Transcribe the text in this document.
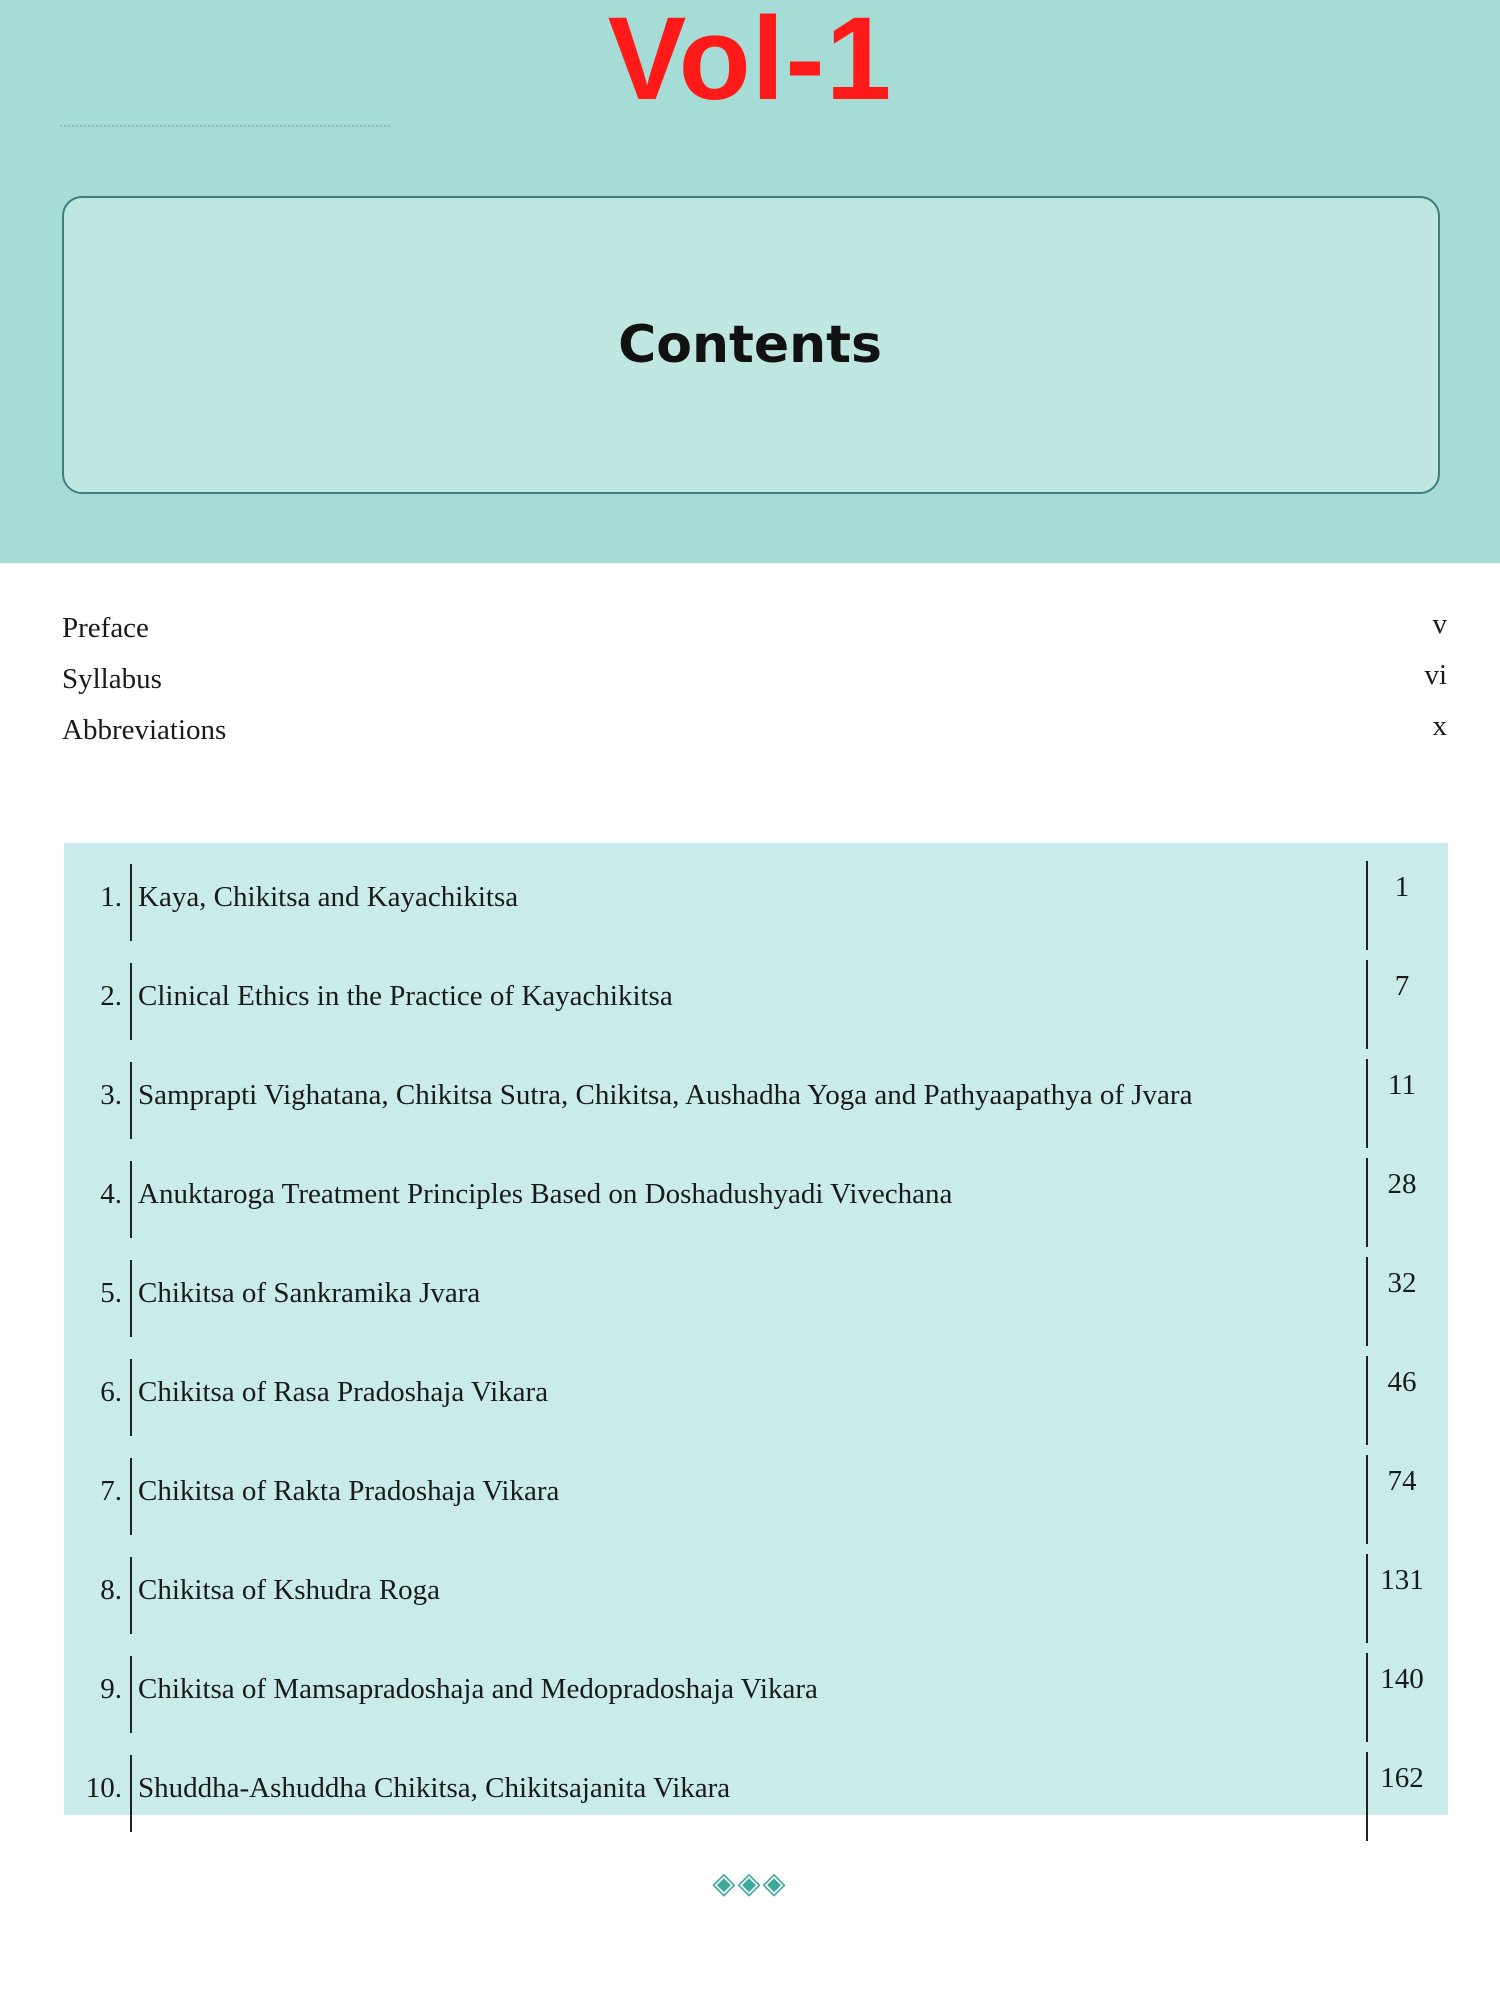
Vol-1
Contents
Preface	v
Syllabus	vi
Abbreviations	x
1. Kaya, Chikitsa and Kayachikitsa	1
2. Clinical Ethics in the Practice of Kayachikitsa	7
3. Samprapti Vighatana, Chikitsa Sutra, Chikitsa, Aushadha Yoga and Pathyaapathya of Jvara	11
4. Anuktaroga Treatment Principles Based on Doshadushyadi Vivechana	28
5. Chikitsa of Sankramika Jvara	32
6. Chikitsa of Rasa Pradoshaja Vikara	46
7. Chikitsa of Rakta Pradoshaja Vikara	74
8. Chikitsa of Kshudra Roga	131
9. Chikitsa of Mamsapradoshaja and Medopradoshaja Vikara	140
10. Shuddha-Ashuddha Chikitsa, Chikitsajanita Vikara	162
◈◈◈
